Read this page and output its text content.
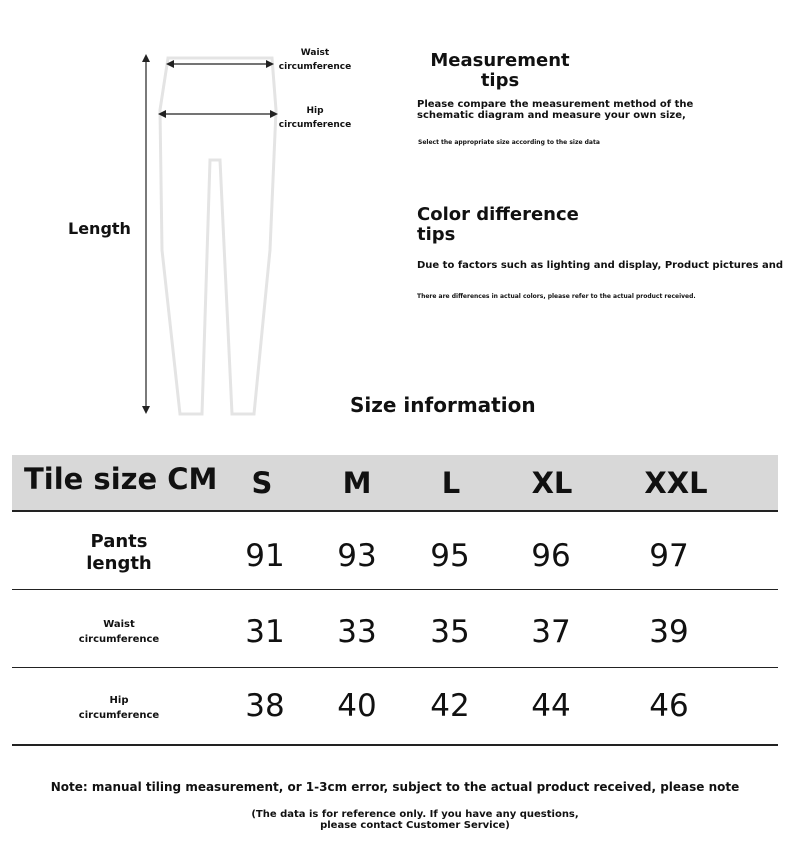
Waist circumference
Hip circumference
Length
Measurement tips
Please compare the measurement method of the schematic diagram and measure your own size,
Select the appropriate size according to the size data
Color difference tips
Due to factors such as lighting and display, Product pictures and
There are differences in actual colors, please refer to the actual product received.
Size information
Tile size CM	S	M	L	XL	XXL
Pants length	91	93	95	96	97
Waist circumference	31	33	35	37	39
Hip circumference	38	40	42	44	46
Note: manual tiling measurement, or 1-3cm error, subject to the actual product received, please note
(The data is for reference only. If you have any questions, please contact Customer Service)
